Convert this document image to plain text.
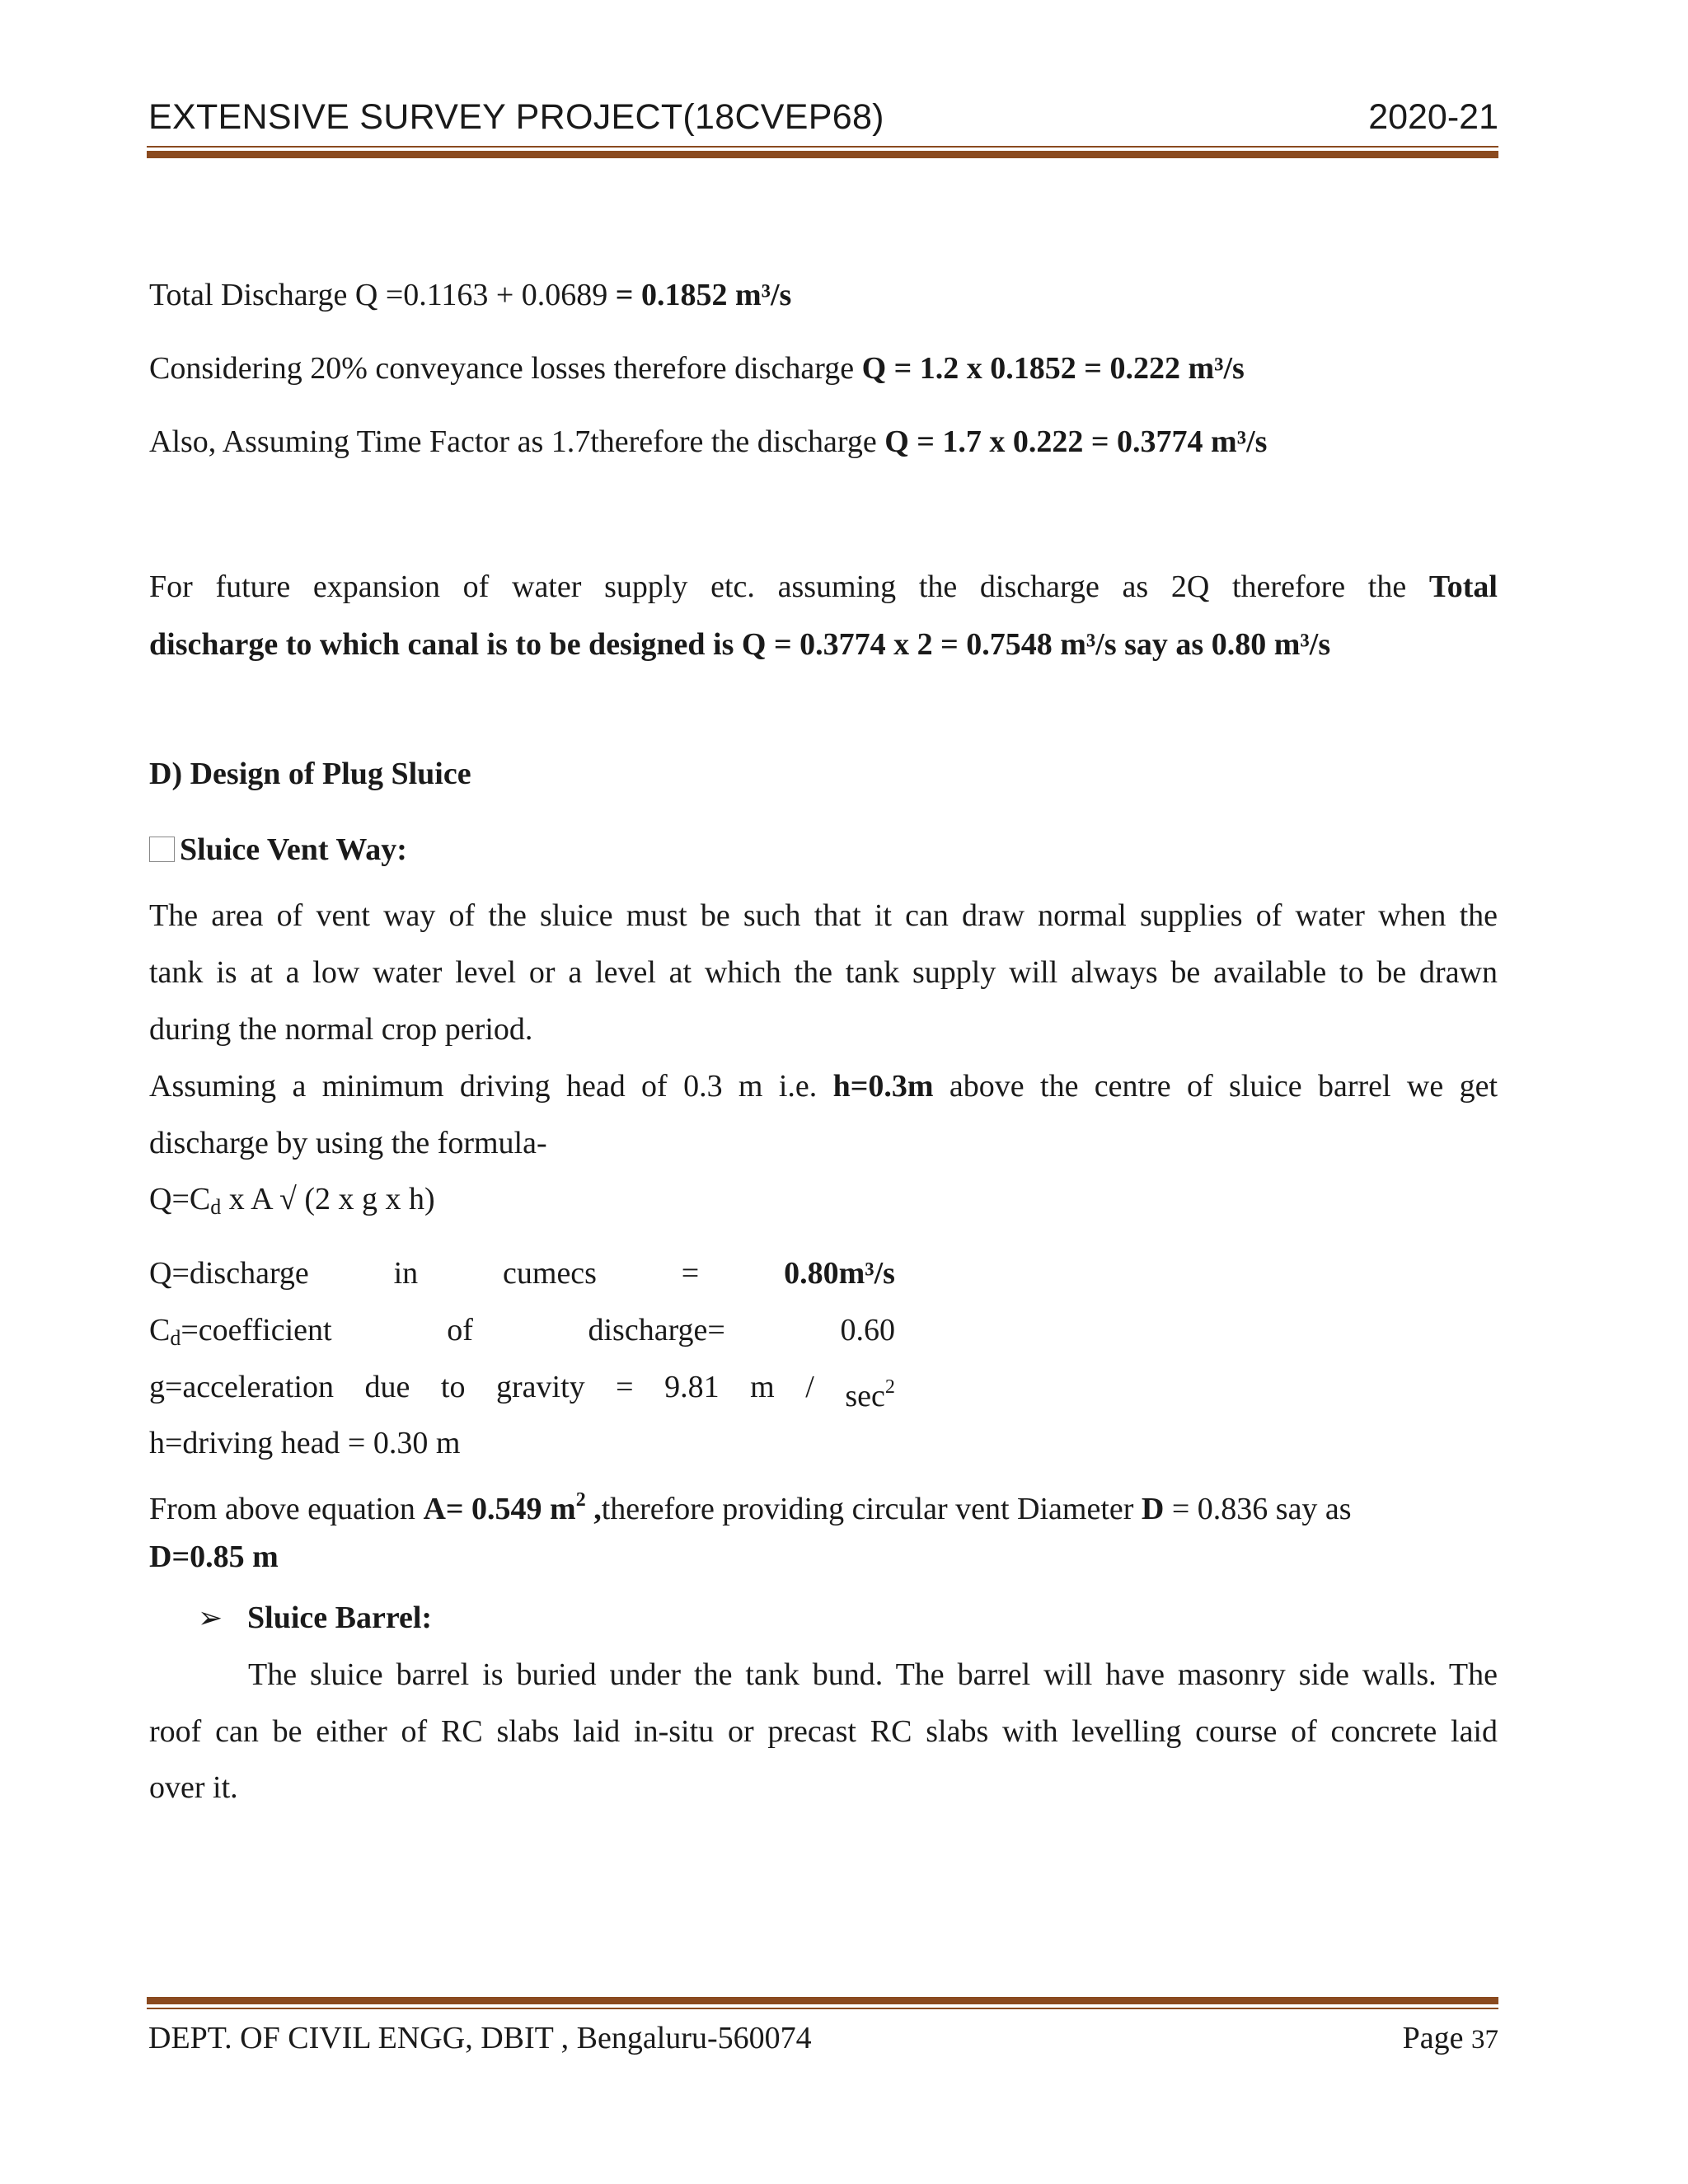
EXTENSIVE SURVEY PROJECT(18CVEP68)	2020-21
Total Discharge Q =0.1163 + 0.0689 = 0.1852 m³/s
Considering 20% conveyance losses therefore discharge Q = 1.2 x 0.1852 = 0.222 m³/s
Also, Assuming Time Factor as 1.7therefore the discharge Q = 1.7 x 0.222 = 0.3774 m³/s
For future expansion of water supply etc. assuming the discharge as 2Q therefore the Total
discharge to which canal is to be designed is Q = 0.3774 x 2 = 0.7548 m³/s say as 0.80 m³/s
D) Design of Plug Sluice
Sluice Vent Way:
The area of vent way of the sluice must be such that it can draw normal supplies of water when the
tank is at a low water level or a level at which the tank supply will always be available to be drawn
during the normal crop period.
Assuming a minimum driving head of 0.3 m i.e. h=0.3m above the centre of sluice barrel we get
discharge by using the formula-
$Q=C_d$ x A √ (2 x g x h)
Q=discharge	in	cumecs	=	0.80m³/s
$C_d=coefficient$	of	discharge=	0.60
g=acceleration due to gravity = 9.81 m / $\sec^2$
h=driving head = 0.30 m
From above equation A= 0.549 $m^2$ ,therefore providing circular vent Diameter D = 0.836 say as
D=0.85 m
➢ Sluice Barrel:
The sluice barrel is buried under the tank bund. The barrel will have masonry side walls. The
roof can be either of RC slabs laid in-situ or precast RC slabs with levelling course of concrete laid
over it.
DEPT. OF CIVIL ENGG, DBIT , Bengaluru-560074	Page 37
